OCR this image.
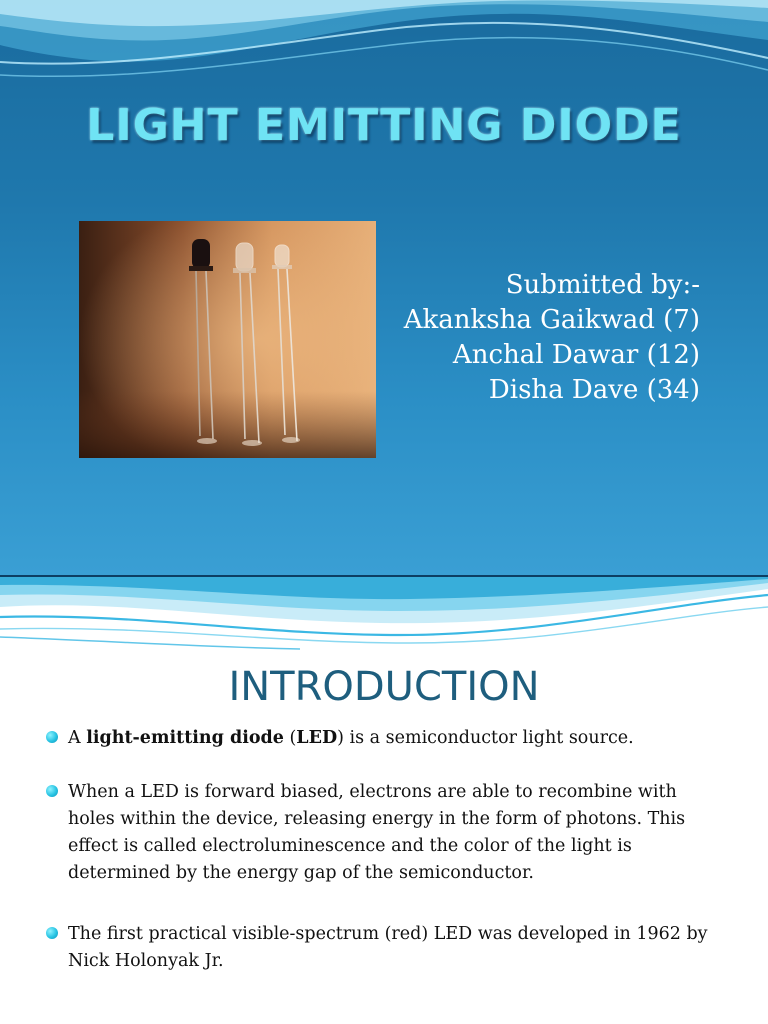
LIGHT EMITTING DIODE
Submitted by:-
Akanksha Gaikwad (7)
Anchal Dawar (12)
Disha Dave (34)
INTRODUCTION
A light-emitting diode (LED) is a semiconductor light source.
When a LED is forward biased, electrons are able to recombine with holes within the device, releasing energy in the form of photons. This effect is called electroluminescence and the color of the light is determined by the energy gap of the semiconductor.
The first practical visible-spectrum (red) LED was developed in 1962 by Nick Holonyak Jr.
